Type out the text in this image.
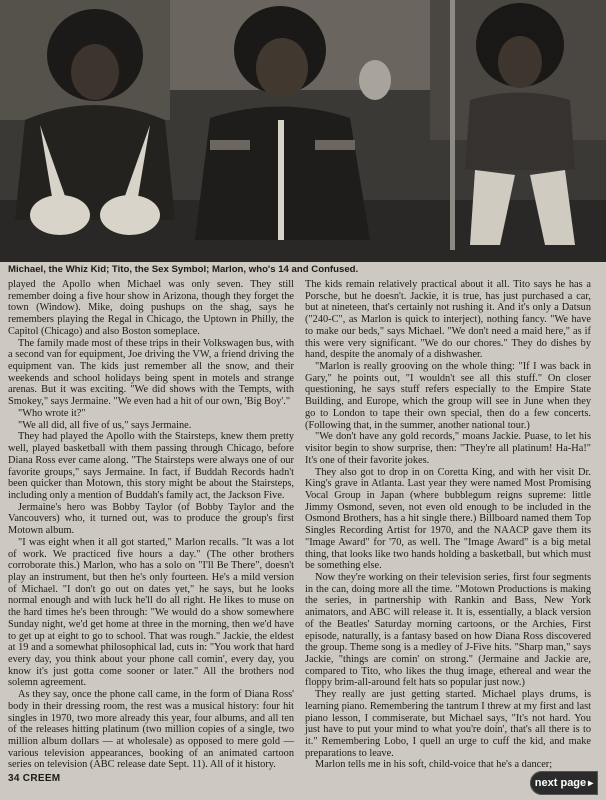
Michael, the Whiz Kid; Tito, the Sex Symbol; Marlon, who's 14 and Confused.

played the Apollo when Michael was only seven. They still remember doing a five hour show in Arizona, though they forget the town (Window). Mike, doing pushups on the shag, says he remembers playing the Regal in Chicago, the Uptown in Philly, the Capitol (Chicago) and also Boston someplace.

The family made most of these trips in their Volkswagen bus, with a second van for equipment, Joe driving the VW, a friend driving the equipment van. The kids just remember all the snow, and their weekends and school holidays being spent in motels and strange arenas. But it was exciting. "We did shows with the Tempts, with Smokey," says Jermaine. "We even had a hit of our own, 'Big Boy'."

"Who wrote it?"

"We all did, all five of us," says Jermaine.

They had played the Apollo with the Stairsteps, knew them pretty well, played basketball with them passing through Chicago, before Diana Ross ever came along. "The Stairsteps were always one of our favorite groups," says Jermaine. In fact, if Buddah Records hadn't been quicker than Motown, this story might be about the Stairsteps, including only a mention of Buddah's family act, the Jackson Five.

Jermaine's hero was Bobby Taylor (of Bobby Taylor and the Vancouvers) who, it turned out, was to produce the group's first Motown album.

"I was eight when it all got started," Marlon recalls. "It was a lot of work. We practiced five hours a day." (The other brothers corroborate this.) Marlon, who has a solo on "I'll Be There", doesn't play an instrument, but then he's only fourteen. He's a mild version of Michael. "I don't go out on dates yet," he says, but he looks normal enough and with luck he'll do all right. He likes to muse on the hard times he's been through: "We would do a show somewhere Sunday night, we'd get home at three in the morning, then we'd have to get up at eight to go to school. That was rough." Jackie, the eldest at 19 and a somewhat philosophical lad, cuts in: "You work that hard every day, you think about your phone call comin', every day, you know it's just gotta come sooner or later." All the brothers nod solemn agreement.

As they say, once the phone call came, in the form of Diana Ross' body in their dressing room, the rest was a musical history: four hit singles in 1970, two more already this year, four albums, and all ten of the releases hitting platinum (two million copies of a single, two million album dollars — at wholesale) as opposed to mere gold — various television appearances, booking of an animated cartoon series on television (ABC release date Sept. 11). All of it history.

The kids remain relatively practical about it all. Tito says he has a Porsche, but he doesn't. Jackie, it is true, has just purchased a car, but at nineteen, that's certainly not rushing it. And it's only a Datsun ("240-C", as Marlon is quick to interject), nothing fancy. "We have to make our beds," says Michael. "We don't need a maid here," as if this were very significant. "We do our chores." They do dishes by hand, despite the anomaly of a dishwasher.

"Marlon is really grooving on the whole thing: "If I was back in Gary," he points out, "I wouldn't see all this stuff." On closer questioning, he says stuff refers especially to the Empire State Building, and Europe, which the group will see in June when they go to London to tape their own special, then do a few concerts. (Following that, in the summer, another national tour.)

"We don't have any gold records," moans Jackie. Puase, to let his visitor begin to show surprise, then: "They're all platinum! Ha-Ha!" It's one of their favorite jokes.

They also got to drop in on Coretta King, and with her visit Dr. King's grave in Atlanta. Last year they were named Most Promising Vocal Group in Japan (where bubblegum reigns supreme: little Jimmy Osmond, seven, not even old enough to be included in the Osmond Brothers, has a hit single there.) Billboard named them Top Singles Recording Artist for 1970, and the NAACP gave them its "Image Award" for '70, as well. The "Image Award" is a big metal thing, that looks like two hands holding a basketball, but which must be something else.

Now they're working on their television series, first four segments in the can, doing more all the time. "Motown Productions is making the series, in partnership with Rankin and Bass, New York animators, and ABC will release it. It is, essentially, a black version of the Beatles' Saturday morning cartoons, or the Archies, First episode, naturally, is a fantasy based on how Diana Ross discovered the group. Theme song is a medley of J-Five hits. "Sharp man," says Jackie, "things are comin' on strong." (Jermaine and Jackie are, compared to Tito, who likes the thug image, ethereal and wear the floppy brim-all-around felt hats so popular just now.)

They really are just getting started. Michael plays drums, is learning piano. Remembering the tantrum I threw at my first and last piano lesson, I commiserate, but Michael says, "It's not hard. You just have to put your mind to what you're doin', that's all there is to it." Remembering Lobo, I quell an urge to cuff the kid, and make preparations to leave.

Marlon tells me in his soft, child-voice that he's a dancer;

34 CREEM	next page ▸
